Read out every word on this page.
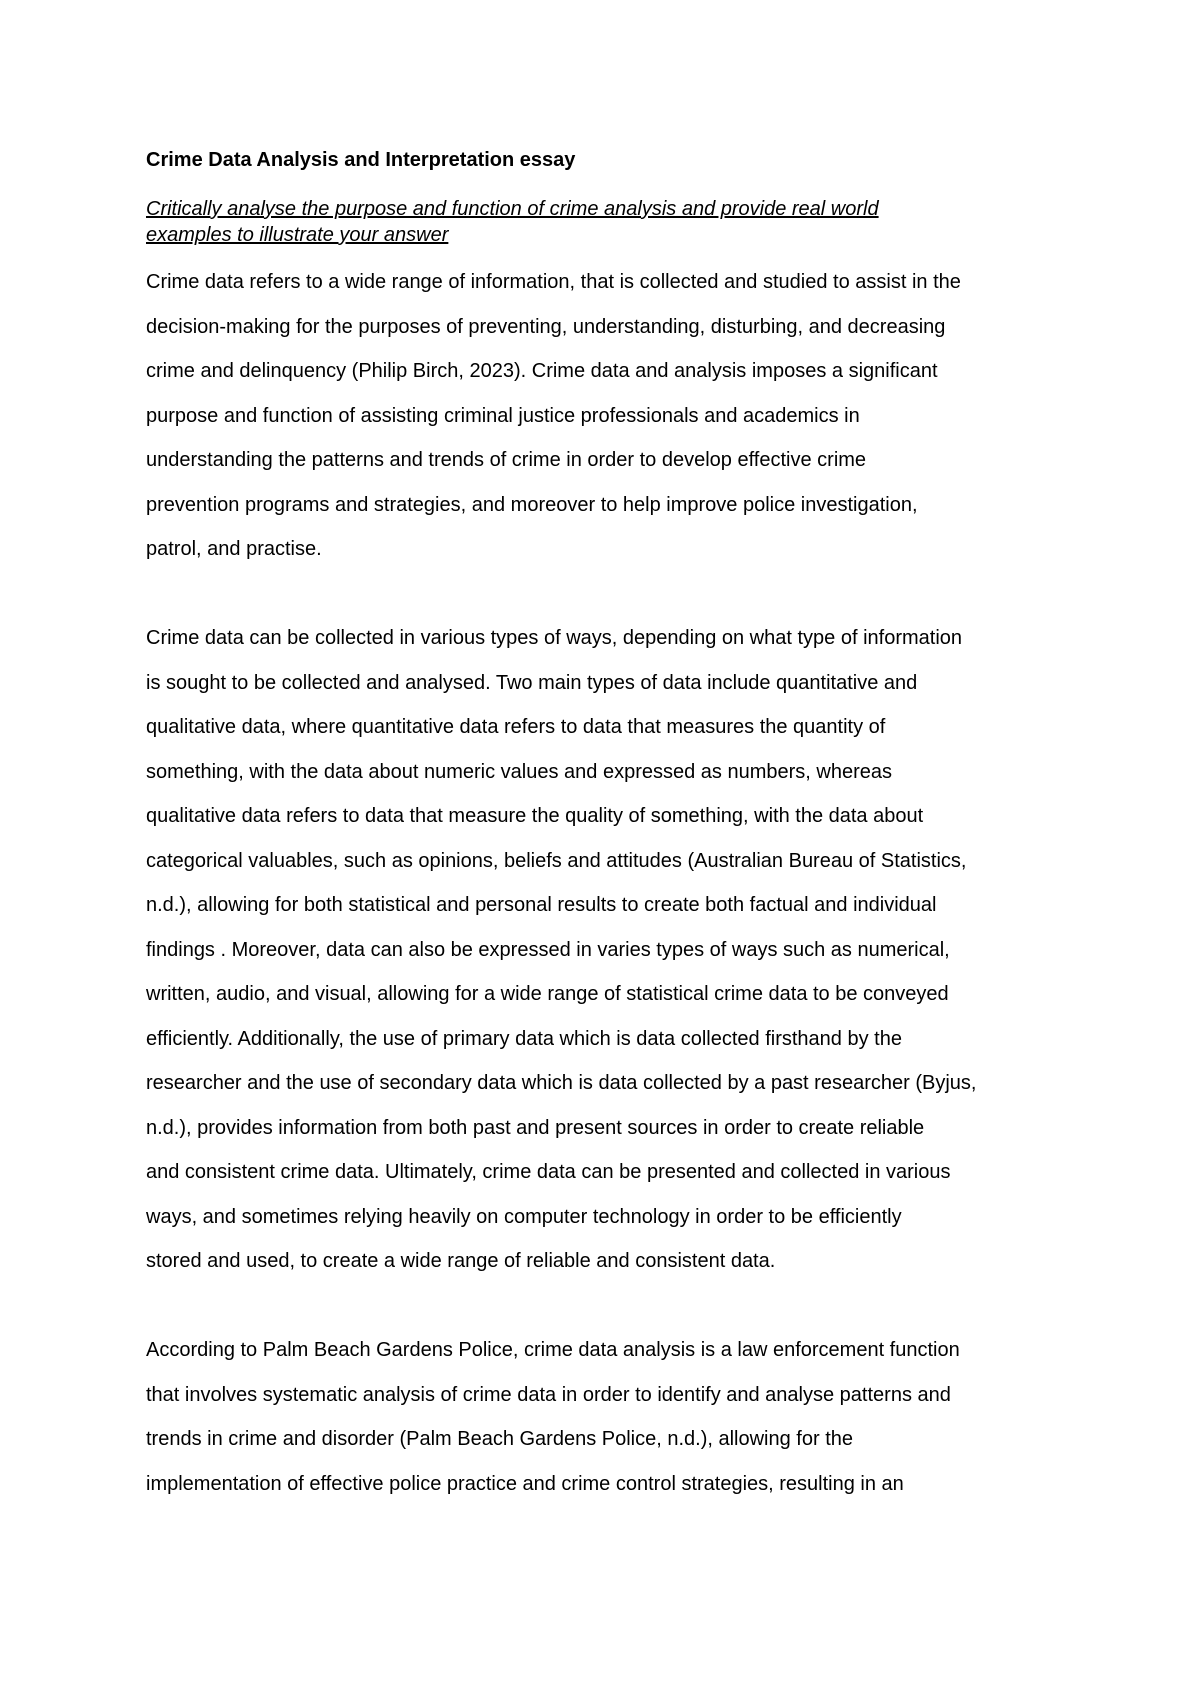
Crime Data Analysis and Interpretation essay
Critically analyse the purpose and function of crime analysis and provide real world
examples to illustrate your answer
Crime data refers to a wide range of information, that is collected and studied to assist in the
decision-making for the purposes of preventing, understanding, disturbing, and decreasing
crime and delinquency (Philip Birch, 2023). Crime data and analysis imposes a significant
purpose and function of assisting criminal justice professionals and academics in
understanding the patterns and trends of crime in order to develop effective crime
prevention programs and strategies, and moreover to help improve police investigation,
patrol, and practise.
Crime data can be collected in various types of ways, depending on what type of information
is sought to be collected and analysed. Two main types of data include quantitative and
qualitative data, where quantitative data refers to data that measures the quantity of
something, with the data about numeric values and expressed as numbers, whereas
qualitative data refers to data that measure the quality of something, with the data about
categorical valuables, such as opinions, beliefs and attitudes (Australian Bureau of Statistics,
n.d.), allowing for both statistical and personal results to create both factual and individual
findings . Moreover, data can also be expressed in varies types of ways such as numerical,
written, audio, and visual, allowing for a wide range of statistical crime data to be conveyed
efficiently. Additionally, the use of primary data which is data collected firsthand by the
researcher and the use of secondary data which is data collected by a past researcher (Byjus,
n.d.), provides information from both past and present sources in order to create reliable
and consistent crime data. Ultimately, crime data can be presented and collected in various
ways, and sometimes relying heavily on computer technology in order to be efficiently
stored and used, to create a wide range of reliable and consistent data.
According to Palm Beach Gardens Police, crime data analysis is a law enforcement function
that involves systematic analysis of crime data in order to identify and analyse patterns and
trends in crime and disorder (Palm Beach Gardens Police, n.d.), allowing for the
implementation of effective police practice and crime control strategies, resulting in an
